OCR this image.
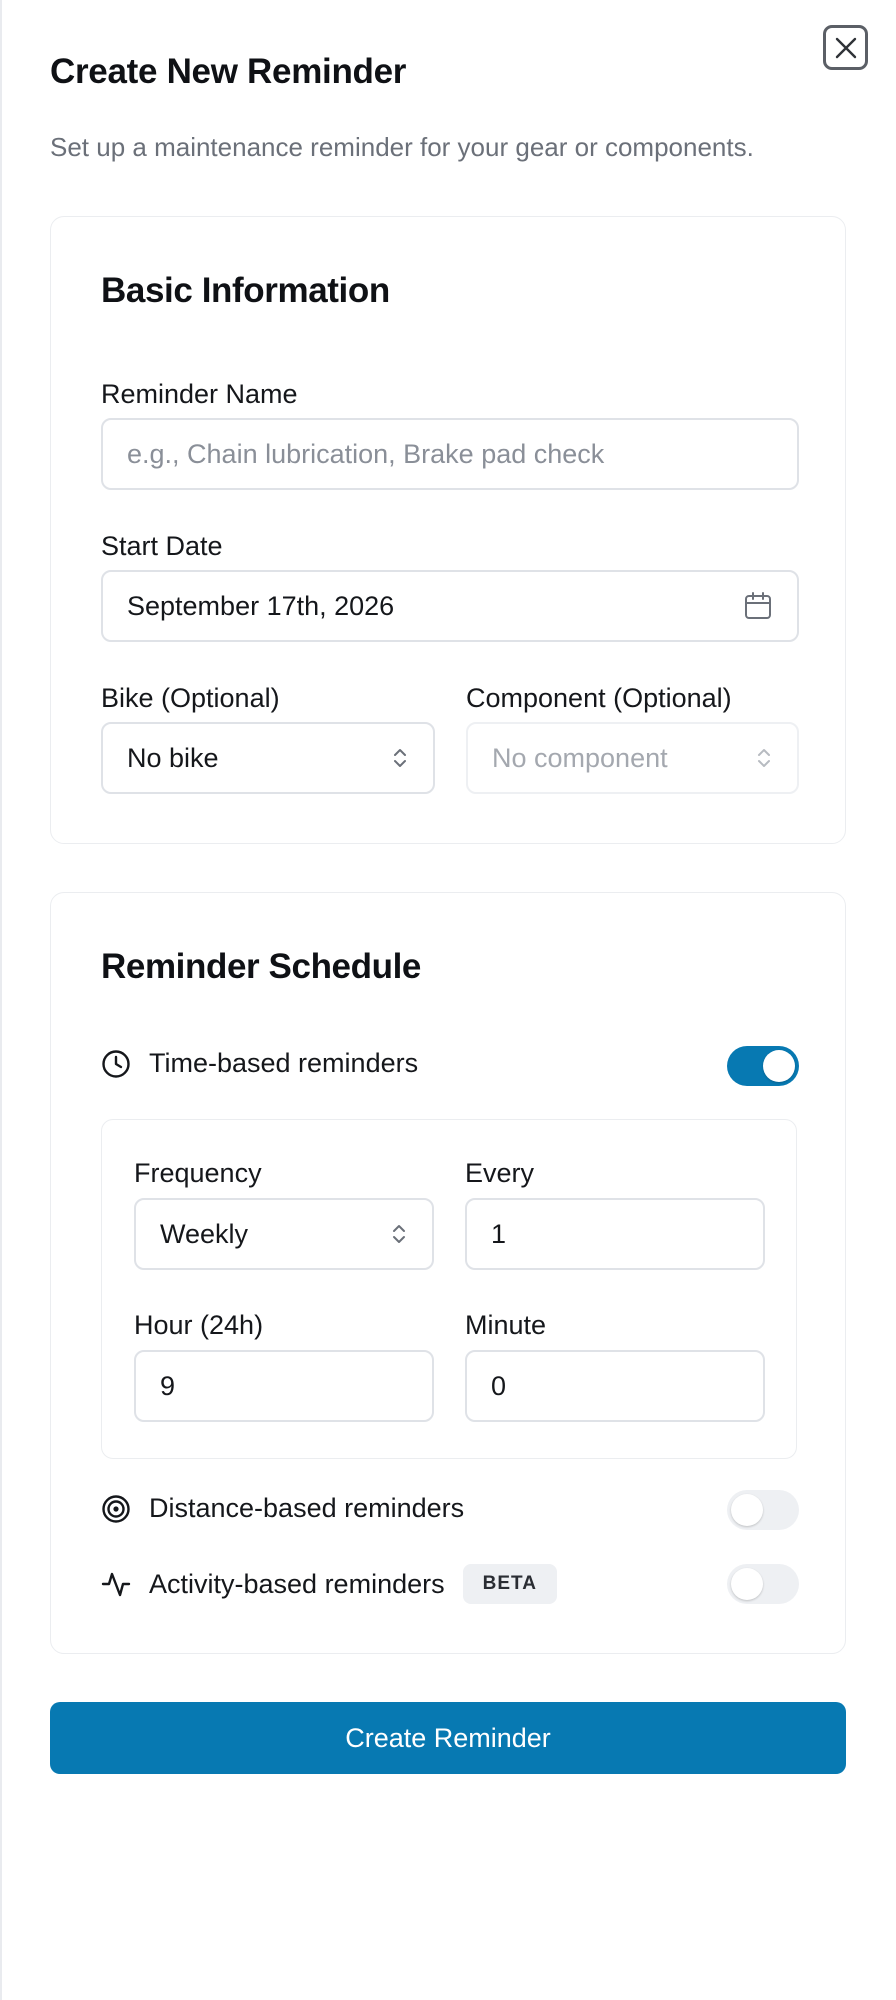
Create New Reminder
Set up a maintenance reminder for your gear or components.
Basic Information
Reminder Name
e.g., Chain lubrication, Brake pad check
Start Date
September 17th, 2026
Bike (Optional)
No bike
Component (Optional)
No component
Reminder Schedule
Time-based reminders
Frequency
Weekly
Every
1
Hour (24h)
9
Minute
0
Distance-based reminders
Activity-based reminders	BETA
Create Reminder
